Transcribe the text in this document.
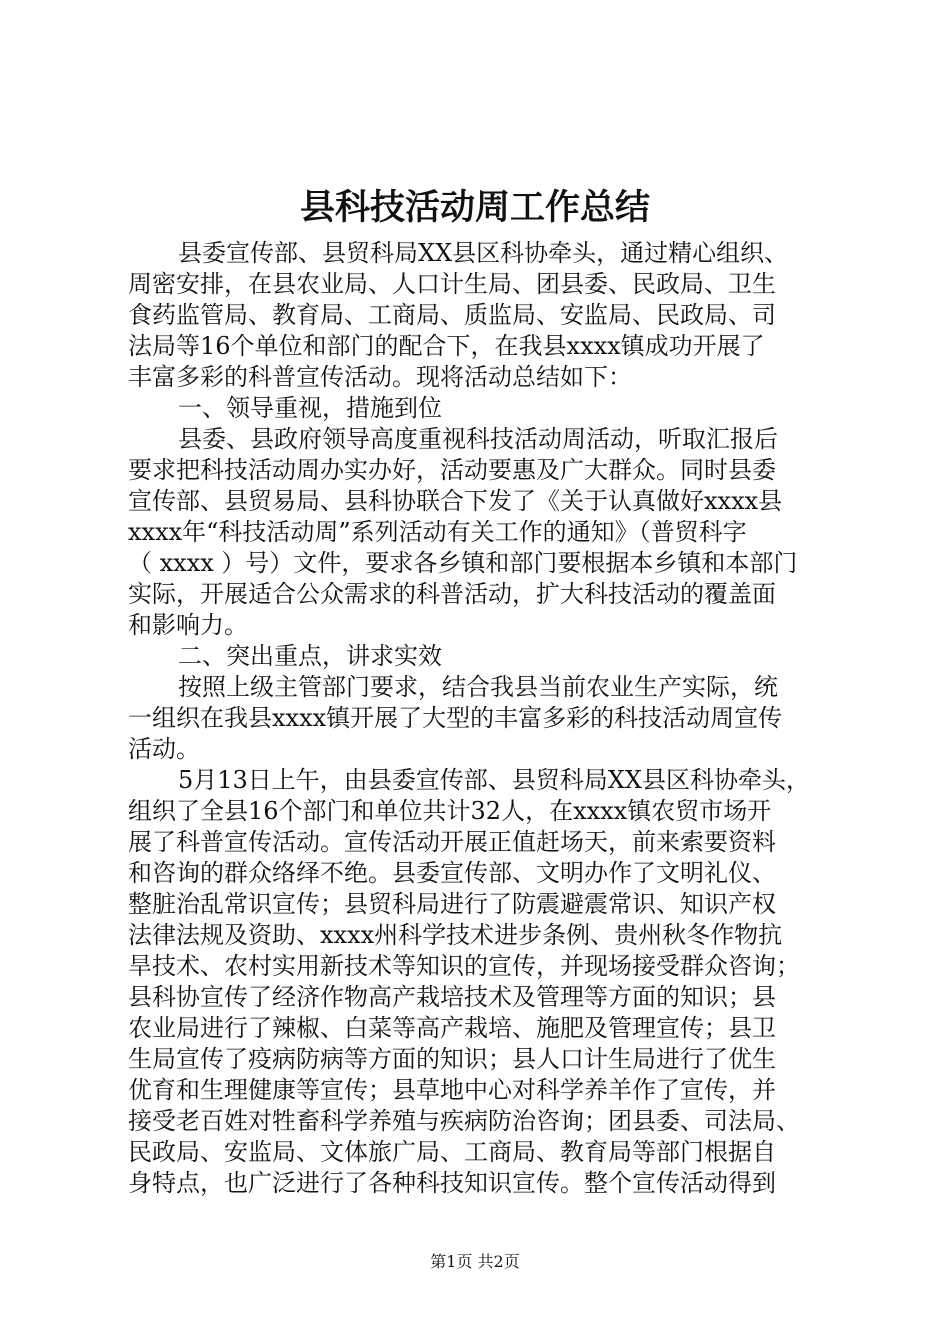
县科技活动周工作总结
县委宣传部、县贸科局XX县区科协牵头，通过精心组织、
周密安排，在县农业局、人口计生局、团县委、民政局、卫生
食药监管局、教育局、工商局、质监局、安监局、民政局、司
法局等16个单位和部门的配合下，在我县xxxx镇成功开展了
丰富多彩的科普宣传活动。现将活动总结如下：
一、领导重视，措施到位
县委、县政府领导高度重视科技活动周活动，听取汇报后
要求把科技活动周办实办好，活动要惠及广大群众。同时县委
宣传部、县贸易局、县科协联合下发了《关于认真做好xxxx县
xxxx年“科技活动周”系列活动有关工作的通知》（普贸科字
（ xxxx ）号）文件，要求各乡镇和部门要根据本乡镇和本部门
实际，开展适合公众需求的科普活动，扩大科技活动的覆盖面
和影响力。
二、突出重点，讲求实效
按照上级主管部门要求，结合我县当前农业生产实际，统
一组织在我县xxxx镇开展了大型的丰富多彩的科技活动周宣传
活动。
5月13日上午，由县委宣传部、县贸科局XX县区科协牵头，
组织了全县16个部门和单位共计32人，在xxxx镇农贸市场开
展了科普宣传活动。宣传活动开展正值赶场天，前来索要资料
和咨询的群众络绎不绝。县委宣传部、文明办作了文明礼仪、
整脏治乱常识宣传；县贸科局进行了防震避震常识、知识产权
法律法规及资助、xxxx州科学技术进步条例、贵州秋冬作物抗
旱技术、农村实用新技术等知识的宣传，并现场接受群众咨询；
县科协宣传了经济作物高产栽培技术及管理等方面的知识；县
农业局进行了辣椒、白菜等高产栽培、施肥及管理宣传；县卫
生局宣传了疫病防病等方面的知识；县人口计生局进行了优生
优育和生理健康等宣传；县草地中心对科学养羊作了宣传，并
接受老百姓对牲畜科学养殖与疾病防治咨询；团县委、司法局、
民政局、安监局、文体旅广局、工商局、教育局等部门根据自
身特点，也广泛进行了各种科技知识宣传。整个宣传活动得到
第1页 共2页
